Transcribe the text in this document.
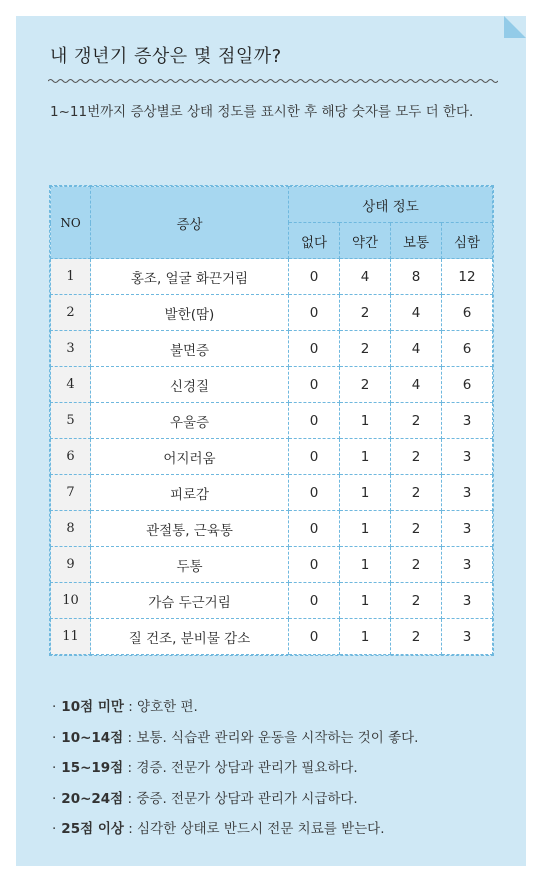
내 갱년기 증상은 몇 점일까?
1~11번까지 증상별로 상태 정도를 표시한 후 해당 숫자를 모두 더 한다.
NO	증상	상태 정도			
		없다	약간	보통	심함
1	홍조, 얼굴 화끈거림	0	4	8	12
2	발한(땀)	0	2	4	6
3	불면증	0	2	4	6
4	신경질	0	2	4	6
5	우울증	0	1	2	3
6	어지러움	0	1	2	3
7	피로감	0	1	2	3
8	관절통, 근육통	0	1	2	3
9	두통	0	1	2	3
10	가슴 두근거림	0	1	2	3
11	질 건조, 분비물 감소	0	1	2	3
· 10점 미만 : 양호한 편.
· 10~14점 : 보통. 식습관 관리와 운동을 시작하는 것이 좋다.
· 15~19점 : 경증. 전문가 상담과 관리가 필요하다.
· 20~24점 : 중증. 전문가 상담과 관리가 시급하다.
· 25점 이상 : 심각한 상태로 반드시 전문 치료를 받는다.
